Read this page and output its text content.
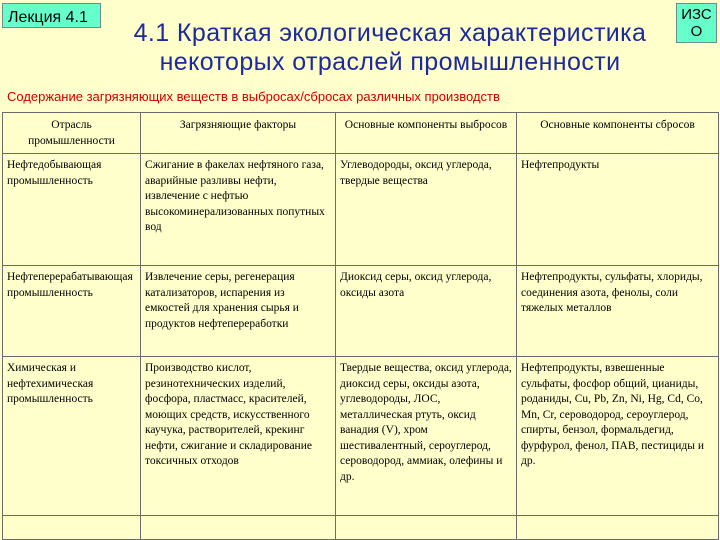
Лекция 4.1	ИЗС О
4.1 Краткая экологическая характеристика некоторых отраслей промышленности
Содержание загрязняющих веществ в выбросах/сбросах различных производств
Отрасль промышленности	Загрязняющие факторы	Основные компоненты выбросов	Основные компоненты сбросов
Нефтедобывающая промышленность	Сжигание в факелах нефтяного газа, аварийные разливы нефти, извлечение с нефтью высокоминерализованных попутных вод	Углеводороды, оксид углерода, твердые вещества	Нефтепродукты
Нефтеперерабатывающая промышленность	Извлечение серы, регенерация катализаторов, испарения из емкостей для хранения сырья и продуктов нефтепереработки	Диоксид серы, оксид углерода, оксиды азота	Нефтепродукты, сульфаты, хлориды, соединения азота, фенолы, соли тяжелых металлов
Химическая и нефтехимическая промышленность	Производство кислот, резинотехнических изделий, фосфора, пластмасс, красителей, моющих средств, искусственного каучука, растворителей, крекинг нефти, сжигание и складирование токсичных отходов	Твердые вещества, оксид углерода, диоксид серы, оксиды азота, углеводороды, ЛОС, металлическая ртуть, оксид ванадия (V), хром шестивалентный, сероуглерод, сероводород, аммиак, олефины и др.	Нефтепродукты, взвешенные сульфаты, фосфор общий, цианиды, роданиды, Cu, Pb, Zn, Ni, Hg, Cd, Co, Mn, Cr, сероводород, сероуглерод, спирты, бензол, формальдегид, фурфурол, фенол, ПАВ, пестициды и др.
